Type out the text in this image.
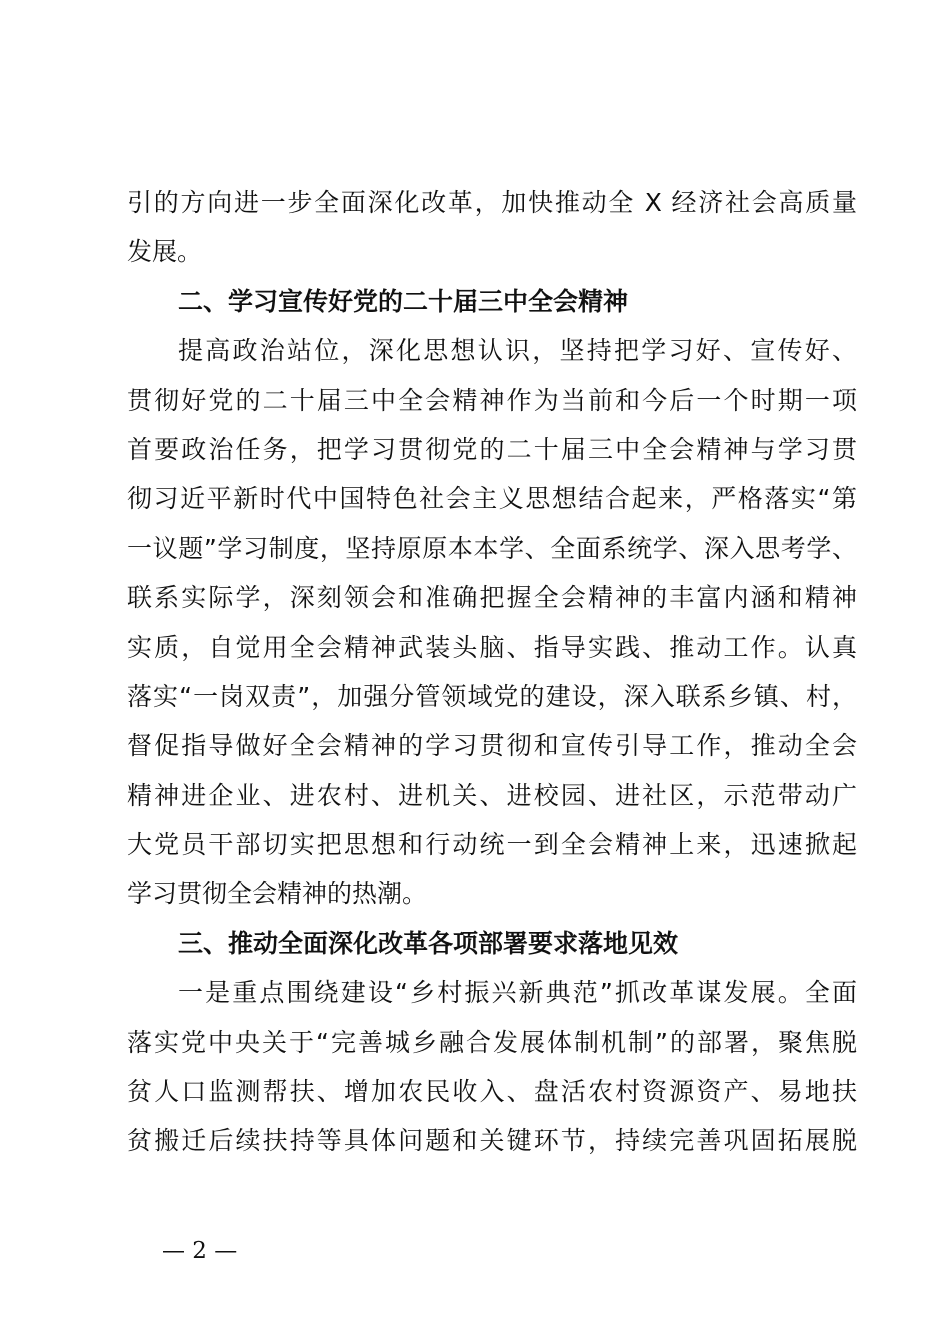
引的方向进一步全面深化改革，加快推动全 X 经济社会高质量
发展。
二、学习宣传好党的二十届三中全会精神
提高政治站位，深化思想认识，坚持把学习好、宣传好、
贯彻好党的二十届三中全会精神作为当前和今后一个时期一项
首要政治任务，把学习贯彻党的二十届三中全会精神与学习贯
彻习近平新时代中国特色社会主义思想结合起来，严格落实“第
一议题”学习制度，坚持原原本本学、全面系统学、深入思考学、
联系实际学，深刻领会和准确把握全会精神的丰富内涵和精神
实质，自觉用全会精神武装头脑、指导实践、推动工作。认真
落实“一岗双责”，加强分管领域党的建设，深入联系乡镇、村，
督促指导做好全会精神的学习贯彻和宣传引导工作，推动全会
精神进企业、进农村、进机关、进校园、进社区，示范带动广
大党员干部切实把思想和行动统一到全会精神上来，迅速掀起
学习贯彻全会精神的热潮。
三、推动全面深化改革各项部署要求落地见效
一是重点围绕建设“乡村振兴新典范”抓改革谋发展。全面
落实党中央关于“完善城乡融合发展体制机制”的部署，聚焦脱
贫人口监测帮扶、增加农民收入、盘活农村资源资产、易地扶
贫搬迁后续扶持等具体问题和关键环节，持续完善巩固拓展脱
— 2 —
